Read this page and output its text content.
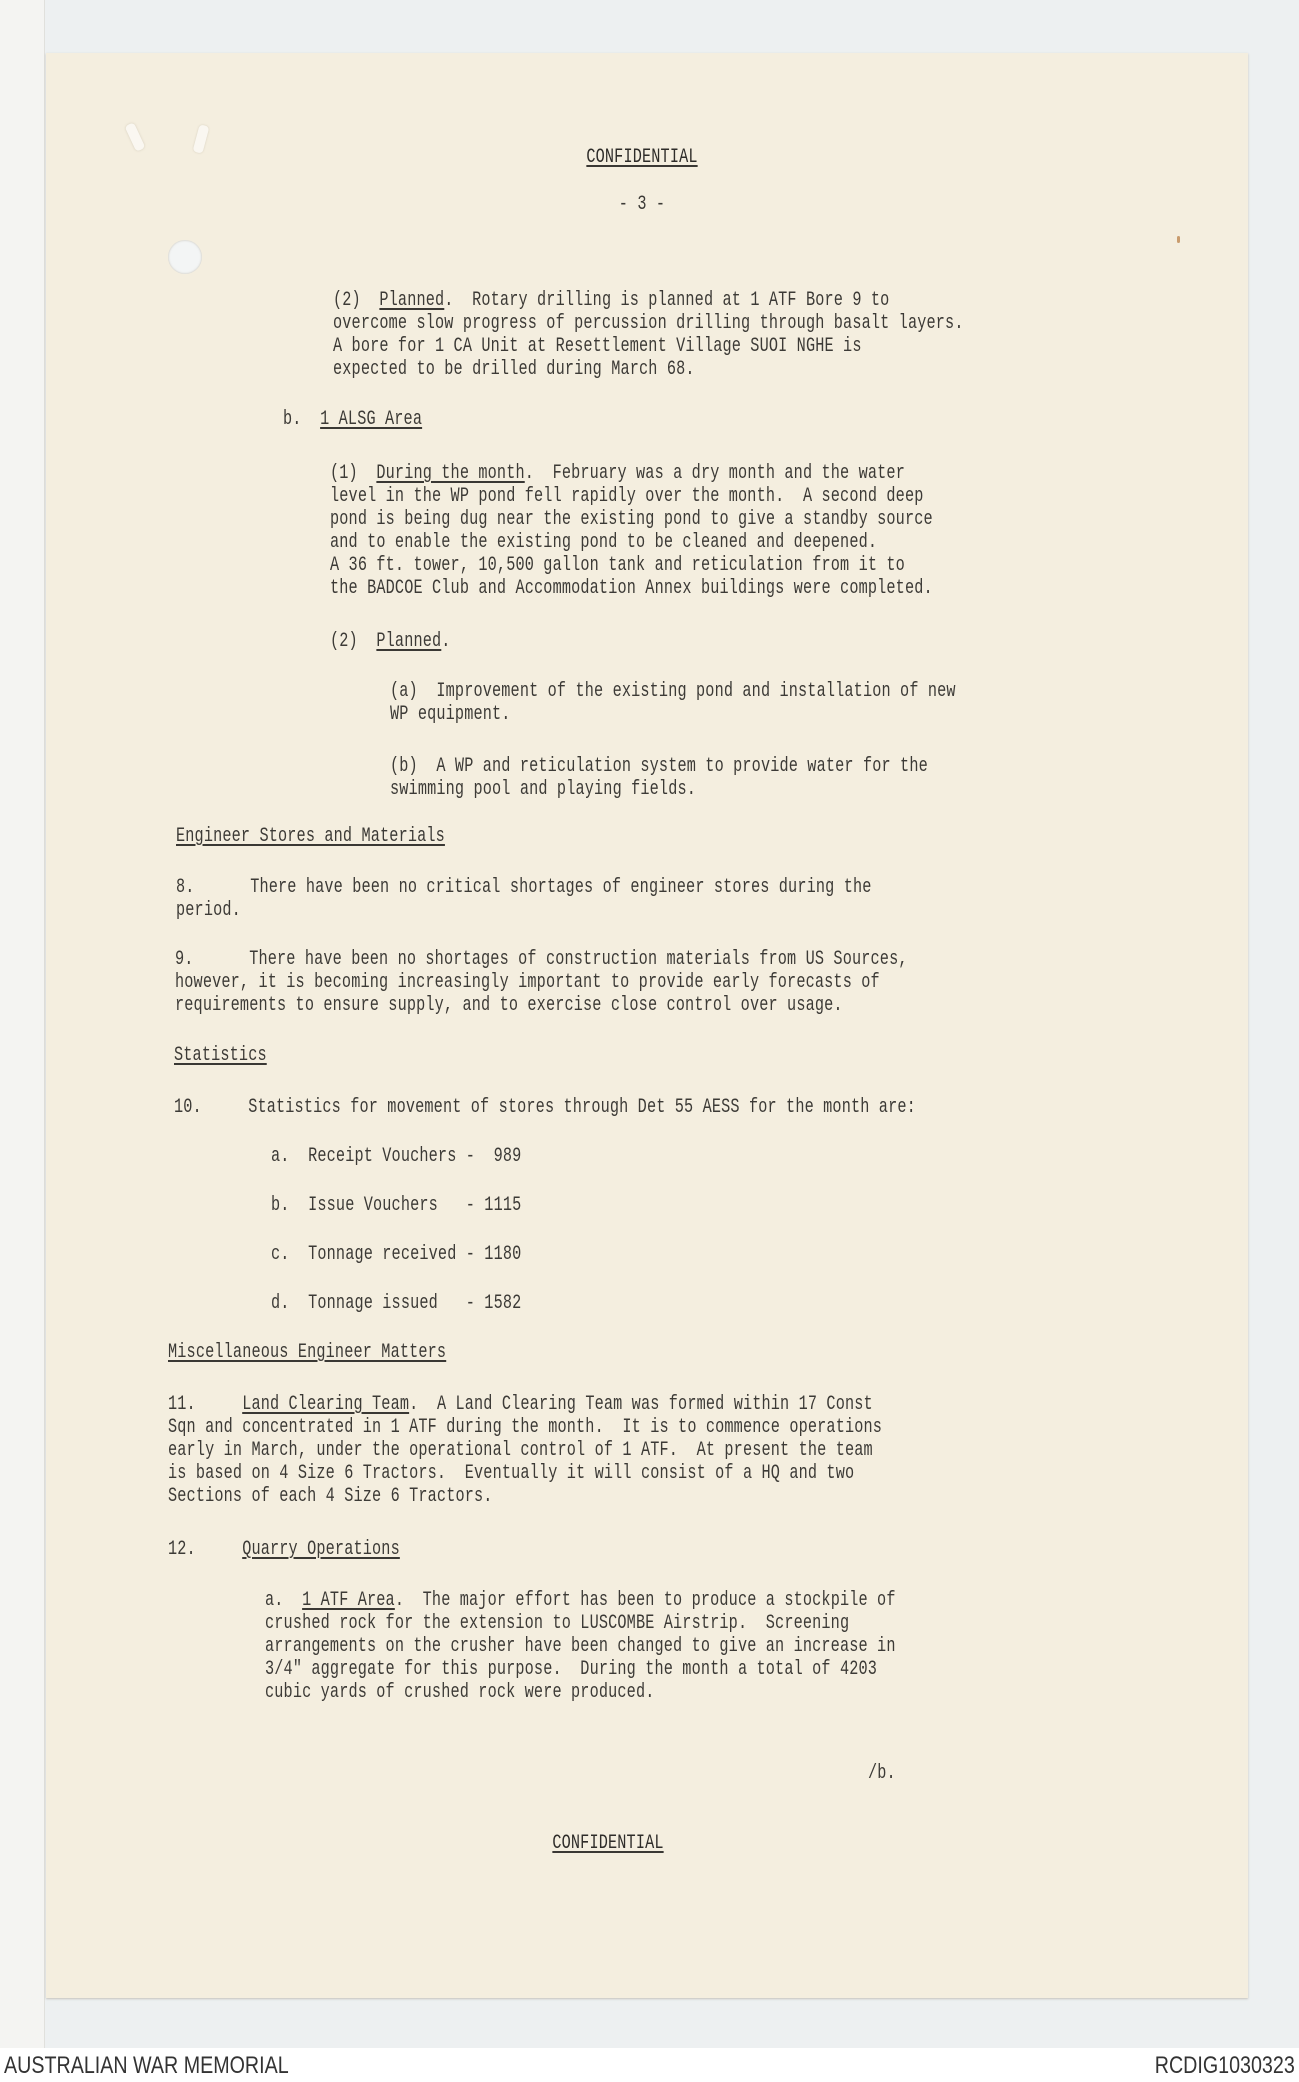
CONFIDENTIAL
- 3 -
(2) Planned.  Rotary drilling is planned at 1 ATF Bore 9 to
overcome slow progress of percussion drilling through basalt layers.
A bore for 1 CA Unit at Resettlement Village SUOI NGHE is
expected to be drilled during March 68.
b. 1 ALSG Area
(1) During the month.  February was a dry month and the water
level in the WP pond fell rapidly over the month.  A second deep
pond is being dug near the existing pond to give a standby source
and to enable the existing pond to be cleaned and deepened.
A 36 ft. tower, 10,500 gallon tank and reticulation from it to
the BADCOE Club and Accommodation Annex buildings were completed.
(2) Planned.
(a)  Improvement of the existing pond and installation of new
WP equipment.
(b)  A WP and reticulation system to provide water for the
swimming pool and playing fields.
Engineer Stores and Materials
8.	There have been no critical shortages of engineer stores during the
period.
9.	There have been no shortages of construction materials from US Sources,
however, it is becoming increasingly important to provide early forecasts of
requirements to ensure supply, and to exercise close control over usage.
Statistics
10. Statistics for movement of stores through Det 55 AESS for the month are:
a. Receipt Vouchers - 989
b. Issue Vouchers - 1115
c. Tonnage received - 1180
d. Tonnage issued - 1582
Miscellaneous Engineer Matters
11. Land Clearing Team.  A Land Clearing Team was formed within 17 Const
Sqn and concentrated in 1 ATF during the month.  It is to commence operations
early in March, under the operational control of 1 ATF.  At present the team
is based on 4 Size 6 Tractors.  Eventually it will consist of a HQ and two
Sections of each 4 Size 6 Tractors.
12. Quarry Operations
a. 1 ATF Area.  The major effort has been to produce a stockpile of
crushed rock for the extension to LUSCOMBE Airstrip.  Screening
arrangements on the crusher have been changed to give an increase in
3/4" aggregate for this purpose.  During the month a total of 4203
cubic yards of crushed rock were produced.
/b.
CONFIDENTIAL
AUSTRALIAN WAR MEMORIAL	RCDIG1030323
